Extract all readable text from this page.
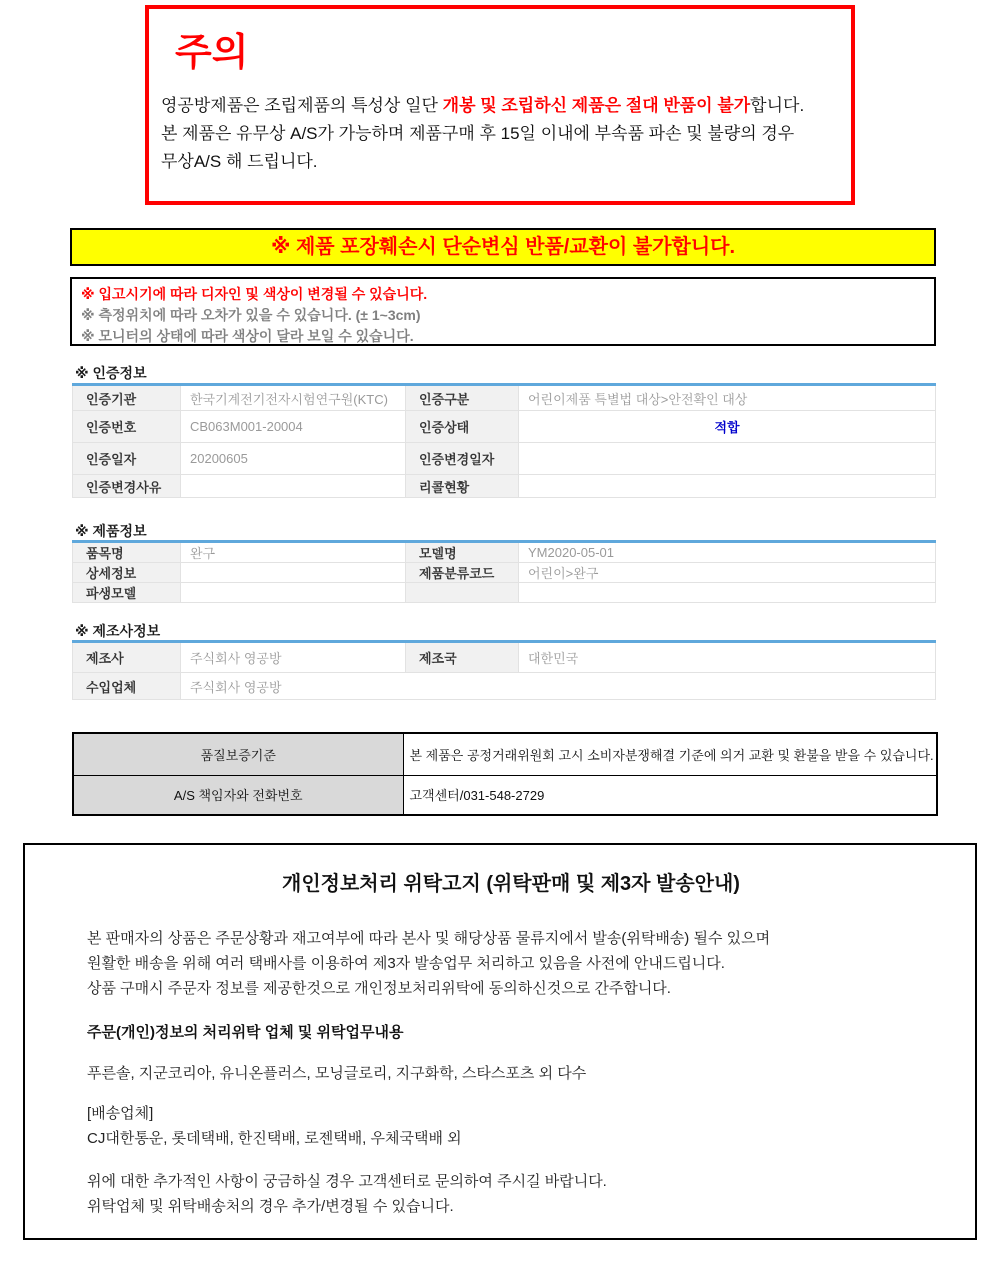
주의
영공방제품은 조립제품의 특성상 일단 개봉 및 조립하신 제품은 절대 반품이 불가합니다.
본 제품은 유무상 A/S가 가능하며 제품구매 후 15일 이내에 부속품 파손 및 불량의 경우
무상A/S 해 드립니다.
※ 제품 포장훼손시 단순변심 반품/교환이 불가합니다.
※ 입고시기에 따라 디자인 및 색상이 변경될 수 있습니다.
※ 측정위치에 따라 오차가 있을 수 있습니다. (± 1~3cm)
※ 모니터의 상태에 따라 색상이 달라 보일 수 있습니다.
※ 인증정보
인증기관	한국기계전기전자시험연구원(KTC)	인증구분	어린이제품 특별법 대상>안전확인 대상
인증번호	CB063M001-20004	인증상태	적합
인증일자	20200605	인증변경일자	
인증변경사유		리콜현황	
※ 제품정보
품목명	완구	모델명	YM2020-05-01
상세정보		제품분류코드	어린이>완구
파생모델			
※ 제조사정보
제조사	주식회사 영공방	제조국	대한민국
수입업체	주식회사 영공방		
품질보증기준	본 제품은 공정거래위원회 고시 소비자분쟁해결 기준에 의거 교환 및 환불을 받을 수 있습니다.
A/S 책임자와 전화번호	고객센터/031-548-2729
개인정보처리 위탁고지 (위탁판매 및 제3자 발송안내)
본 판매자의 상품은 주문상황과 재고여부에 따라 본사 및 해당상품 물류지에서 발송(위탁배송) 될수 있으며
원활한 배송을 위해 여러 택배사를 이용하여 제3자 발송업무 처리하고 있음을 사전에 안내드립니다.
상품 구매시 주문자 정보를 제공한것으로 개인정보처리위탁에 동의하신것으로 간주합니다.
주문(개인)정보의 처리위탁 업체 및 위탁업무내용
푸른솔, 지군코리아, 유니온플러스, 모닝글로리, 지구화학, 스타스포츠 외 다수
[배송업체]
CJ대한통운, 롯데택배, 한진택배, 로젠택배, 우체국택배 외
위에 대한 추가적인 사항이 궁금하실 경우 고객센터로 문의하여 주시길 바랍니다.
위탁업체 및 위탁배송처의 경우 추가/변경될 수 있습니다.
